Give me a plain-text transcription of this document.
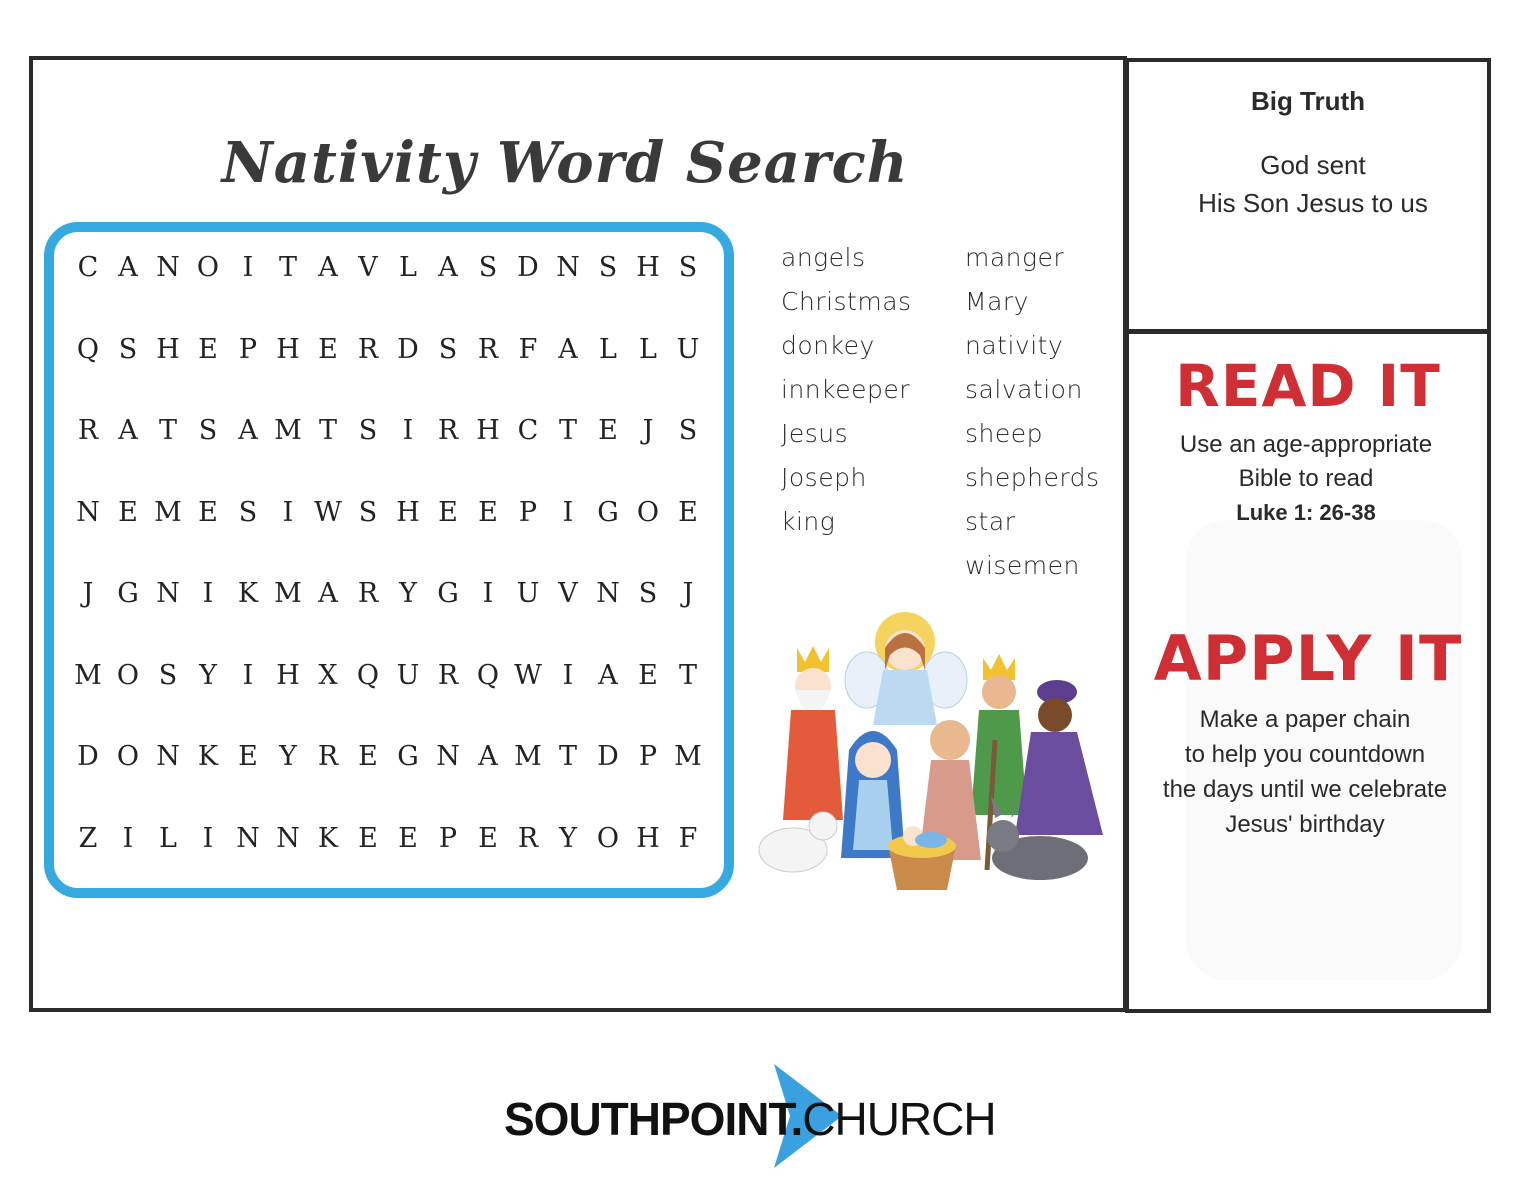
Nativity Word Search
C A N O I T A V L A S D N S H S
Q S H E P H E R D S R F A L L U
R A T S A M T S I R H C T E J S
N E M E S I W S H E E P I G O E
J G N I K M A R Y G I U V N S J
M O S Y I H X Q U R Q W I A E T
D O N K E Y R E G N A M T D P M
Z I L I N N K E E P E R Y O H F
angels
Christmas
donkey
innkeeper
Jesus
Joseph
king
manger
Mary
nativity
salvation
sheep
shepherds
star
wisemen
Big Truth
God sent
His Son Jesus to us
READ IT
Use an age-appropriate
Bible to read
Luke 1: 26-38
APPLY IT
Make a paper chain
to help you countdown
the days until we celebrate
Jesus' birthday
SOUTHPOINT.CHURCH
